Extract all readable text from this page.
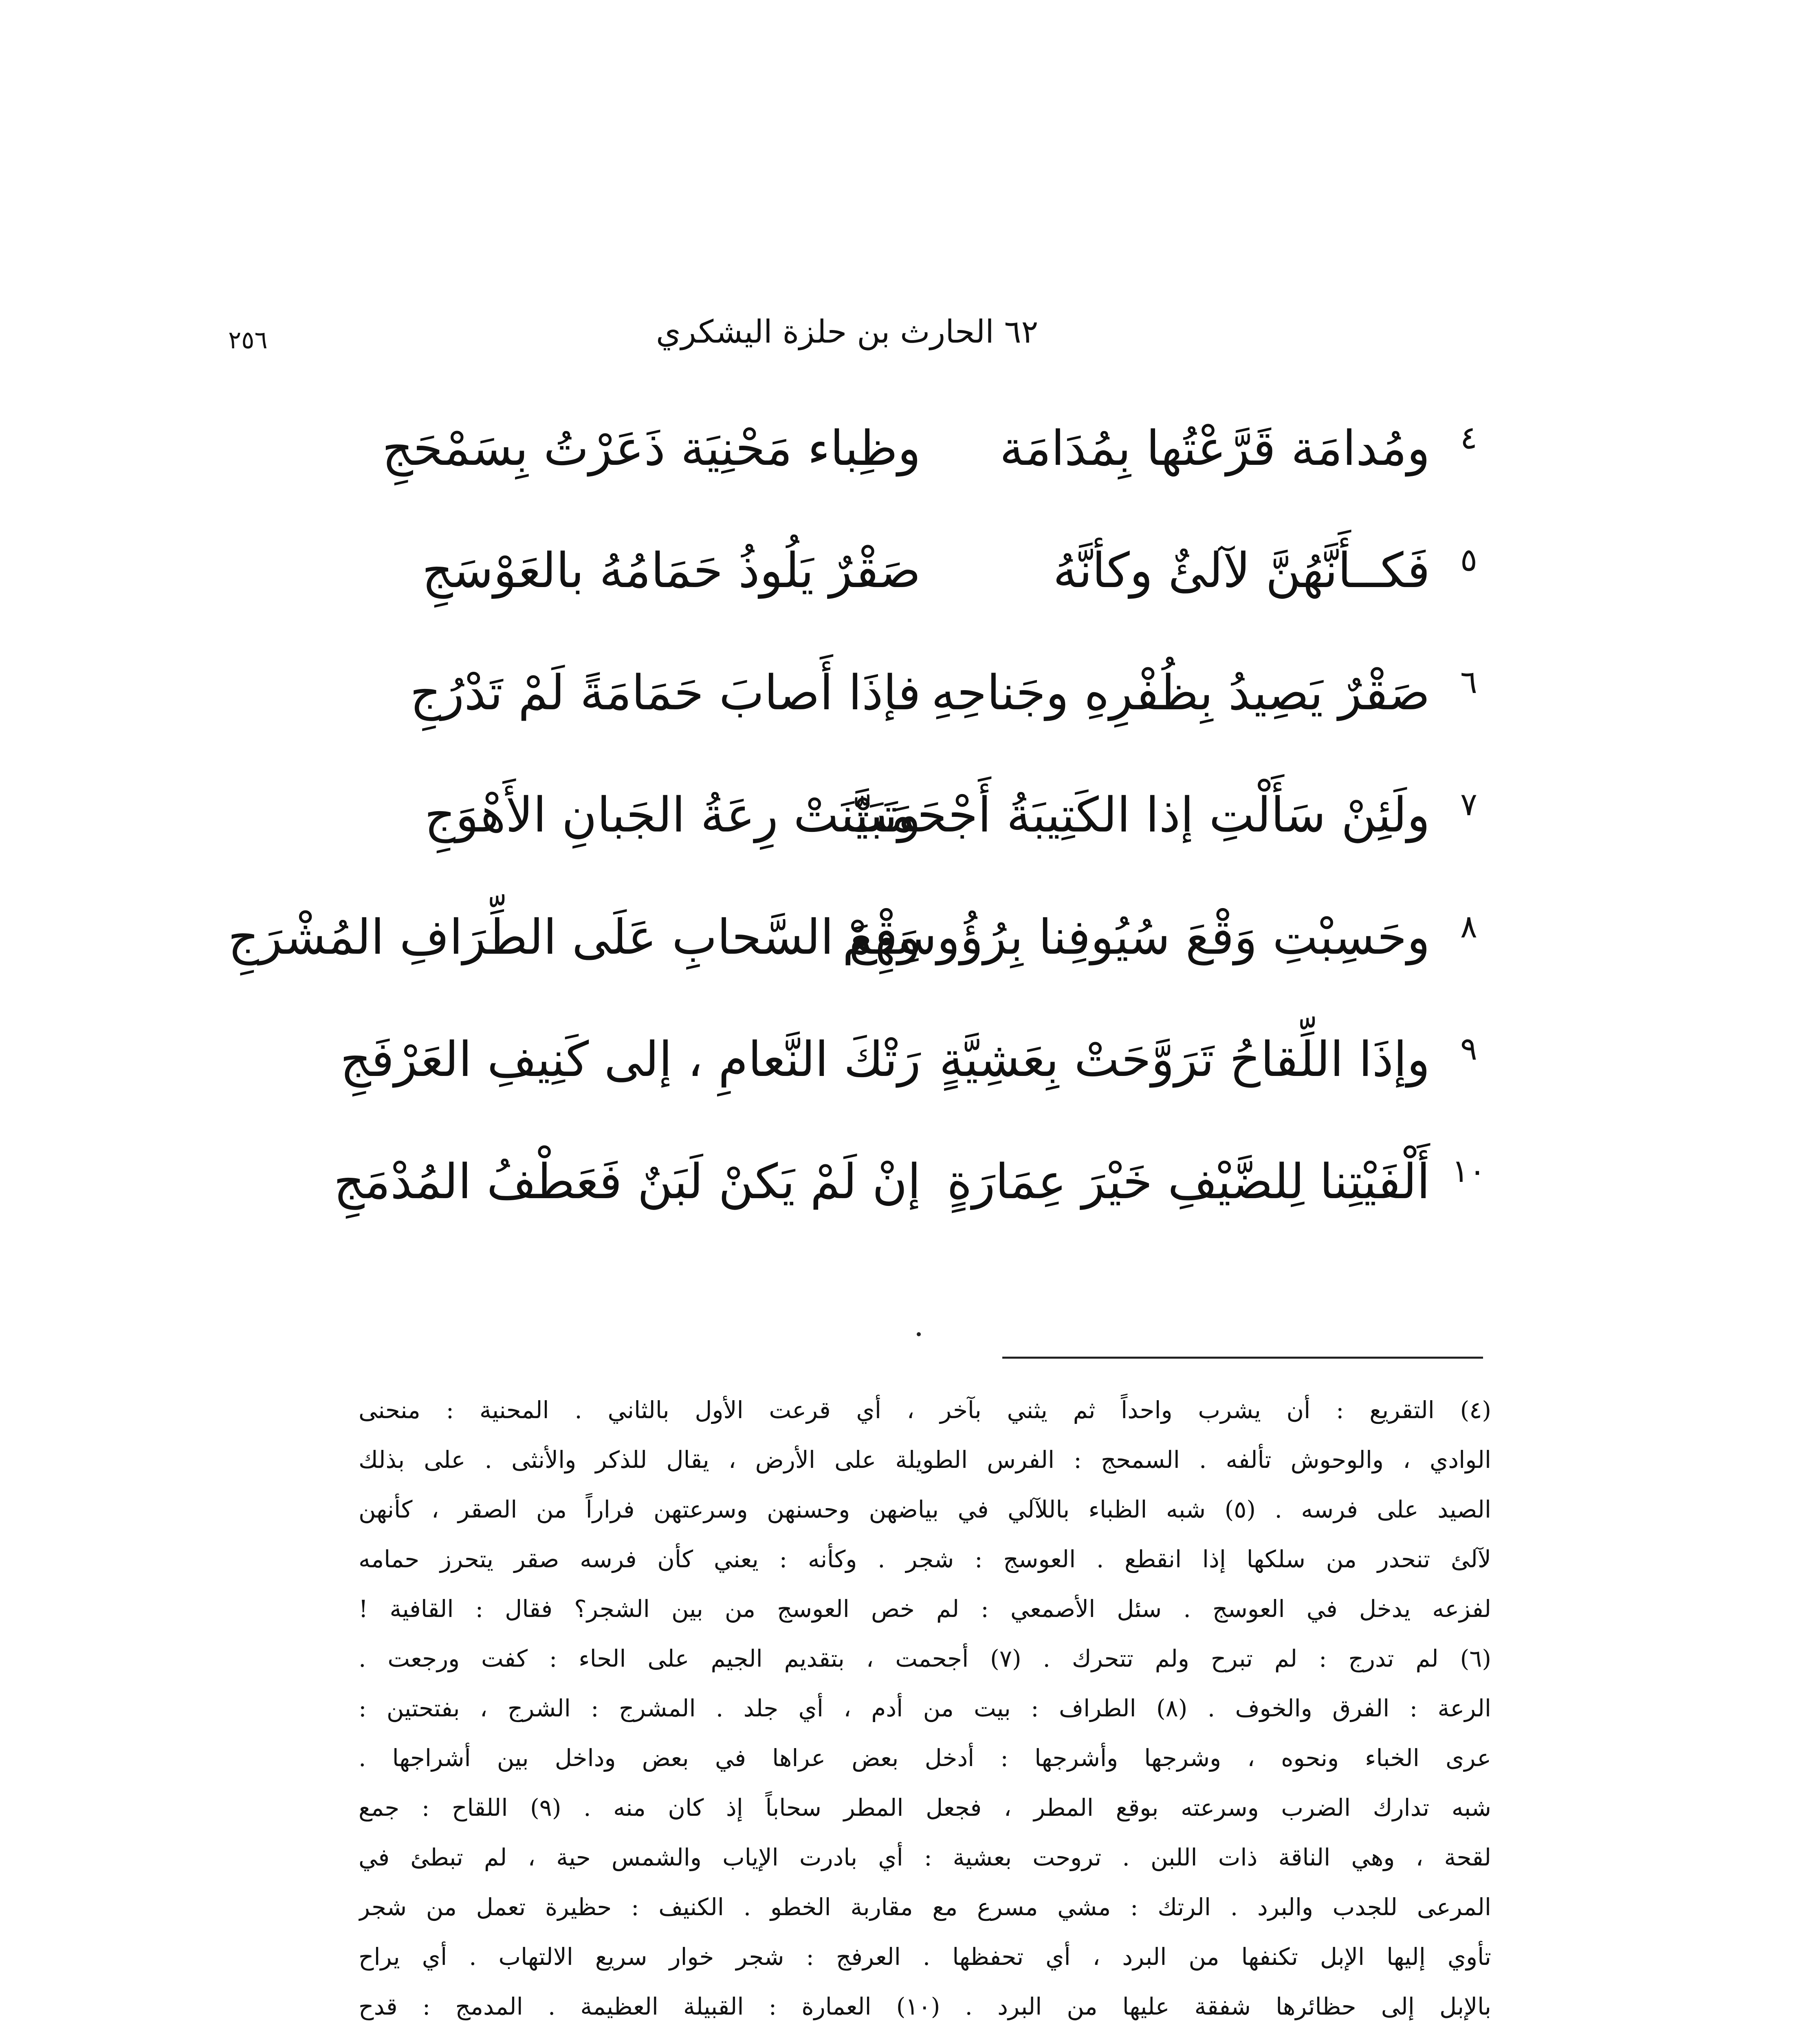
٢٥٦	٦٢ الحارث بن حلزة اليشكري
٤
ومُدامَة قَرَّعْتُها بِمُدَامَة
وظِباء مَحْنِيَة ذَعَرْتُ بِسَمْحَجِ
٥
فَكــأَنَّهُنَّ لآلئٌ وكأنَّهُ
صَقْرٌ يَلُوذُ حَمَامُهُ بالعَوْسَجِ
٦
صَقْرٌ يَصِيدُ بِظُفْرِهِ وجَناحِهِ
فإذَا أَصابَ حَمَامَةً لَمْ تَدْرُجِ
٧
ولَئِنْ سَأَلْتِ إذا الكَتِيبَةُ أَجْحَمَتْ
وتَبَيَّنَتْ رِعَةُ الجَبانِ الأَهْوَجِ
٨
وحَسِبْتِ وَقْعَ سُيُوفِنا بِرُؤُوسِهِمْ
وَقْعَ السَّحابِ عَلَى الطِّرَافِ المُشْرَجِ
٩
وإذَا اللِّقاحُ تَرَوَّحَتْ بِعَشِيَّةٍ
رَتْكَ النَّعامِ ، إلى كَنِيفِ العَرْفَجِ
١٠
أَلْفَيْتِنا لِلضَّيْفِ خَيْرَ عِمَارَةٍ
إنْ لَمْ يَكنْ لَبَنٌ فَعَطْفُ المُدْمَجِ
(٤) التقريع : أن يشرب واحداً ثم يثني بآخر ، أي قرعت الأول بالثاني . المحنية : منحنى
الوادي ، والوحوش تألفه . السمحج : الفرس الطويلة على الأرض ، يقال للذكر والأنثى . على بذلك
الصيد على فرسه . (٥) شبه الظباء باللآلي في بياضهن وحسنهن وسرعتهن فراراً من الصقر ، كأنهن
لآلئ تنحدر من سلكها إذا انقطع . العوسج : شجر . وكأنه : يعني كأن فرسه صقر يتحرز حمامه
لفزعه يدخل في العوسج . سئل الأصمعي : لم خص العوسج من بين الشجر؟ فقال : القافية !
(٦) لم تدرج : لم تبرح ولم تتحرك . (٧) أجحمت ، بتقديم الجيم على الحاء : كفت ورجعت .
الرعة : الفرق والخوف . (٨) الطراف : بيت من أدم ، أي جلد . المشرج : الشرج ، بفتحتين :
عرى الخباء ونحوه ، وشرجها وأشرجها : أدخل بعض عراها في بعض وداخل بين أشراجها .
شبه تدارك الضرب وسرعته بوقع المطر ، فجعل المطر سحاباً إذ كان منه . (٩) اللقاح : جمع
لقحة ، وهي الناقة ذات اللبن . تروحت بعشية : أي بادرت الإياب والشمس حية ، لم تبطئ في
المرعى للجدب والبرد . الرتك : مشي مسرع مع مقاربة الخطو . الكنيف : حظيرة تعمل من شجر
تأوي إليها الإبل تكنفها من البرد ، أي تحفظها . العرفج : شجر خوار سريع الالتهاب . أي يراح
بالإبل إلى حظائرها شفقة عليها من البرد . (١٠) العمارة : القبيلة العظيمة . المدمج : قدح
